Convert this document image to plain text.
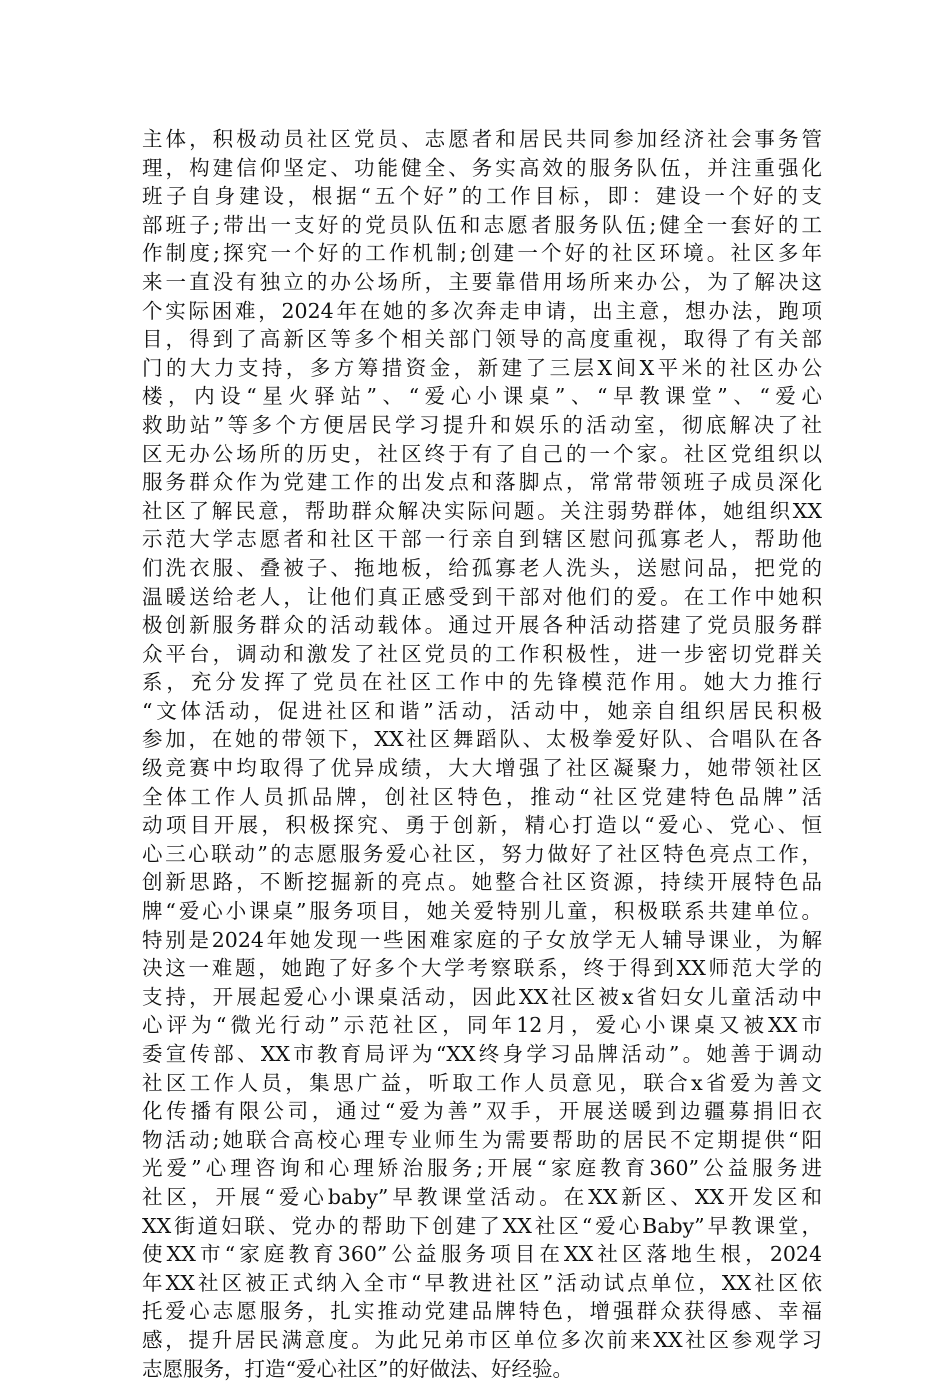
主体，积极动员社区党员、志愿者和居民共同参加经济社会事务管
理，构建信仰坚定、功能健全、务实高效的服务队伍，并注重强化
班子自身建设，根据“五个好”的工作目标，即：建设一个好的支
部班子;带出一支好的党员队伍和志愿者服务队伍;健全一套好的工
作制度;探究一个好的工作机制;创建一个好的社区环境。社区多年
来一直没有独立的办公场所，主要靠借用场所来办公，为了解决这
个实际困难，2024年在她的多次奔走申请，出主意，想办法，跑项
目，得到了高新区等多个相关部门领导的高度重视，取得了有关部
门的大力支持，多方筹措资金，新建了三层X间X平米的社区办公
楼，内设“星火驿站”、“爱心小课桌”、“早教课堂”、“爱心
救助站”等多个方便居民学习提升和娱乐的活动室，彻底解决了社
区无办公场所的历史，社区终于有了自己的一个家。社区党组织以
服务群众作为党建工作的出发点和落脚点，常常带领班子成员深化
社区了解民意，帮助群众解决实际问题。关注弱势群体，她组织XX
示范大学志愿者和社区干部一行亲自到辖区慰问孤寡老人，帮助他
们洗衣服、叠被子、拖地板，给孤寡老人洗头，送慰问品，把党的
温暖送给老人，让他们真正感受到干部对他们的爱。在工作中她积
极创新服务群众的活动载体。通过开展各种活动搭建了党员服务群
众平台，调动和激发了社区党员的工作积极性，进一步密切党群关
系，充分发挥了党员在社区工作中的先锋模范作用。她大力推行
“文体活动，促进社区和谐”活动，活动中，她亲自组织居民积极
参加，在她的带领下，XX社区舞蹈队、太极拳爱好队、合唱队在各
级竞赛中均取得了优异成绩，大大增强了社区凝聚力，她带领社区
全体工作人员抓品牌，创社区特色，推动“社区党建特色品牌”活
动项目开展，积极探究、勇于创新，精心打造以“爱心、党心、恒
心三心联动”的志愿服务爱心社区，努力做好了社区特色亮点工作，
创新思路，不断挖掘新的亮点。她整合社区资源，持续开展特色品
牌“爱心小课桌”服务项目，她关爱特别儿童，积极联系共建单位。
特别是2024年她发现一些困难家庭的子女放学无人辅导课业，为解
决这一难题，她跑了好多个大学考察联系，终于得到XX师范大学的
支持，开展起爱心小课桌活动，因此XX社区被x省妇女儿童活动中
心评为“微光行动”示范社区，同年12月，爱心小课桌又被XX市
委宣传部、XX市教育局评为“XX终身学习品牌活动”。她善于调动
社区工作人员，集思广益，听取工作人员意见，联合x省爱为善文
化传播有限公司，通过“爱为善”双手，开展送暖到边疆募捐旧衣
物活动;她联合高校心理专业师生为需要帮助的居民不定期提供“阳
光爱”心理咨询和心理矫治服务;开展“家庭教育360”公益服务进
社区，开展“爱心baby”早教课堂活动。在XX新区、XX开发区和
XX街道妇联、党办的帮助下创建了XX社区“爱心Baby”早教课堂，
使XX市“家庭教育360”公益服务项目在XX社区落地生根，2024
年XX社区被正式纳入全市“早教进社区”活动试点单位，XX社区依
托爱心志愿服务，扎实推动党建品牌特色，增强群众获得感、幸福
感，提升居民满意度。为此兄弟市区单位多次前来XX社区参观学习
志愿服务，打造“爱心社区”的好做法、好经验。
